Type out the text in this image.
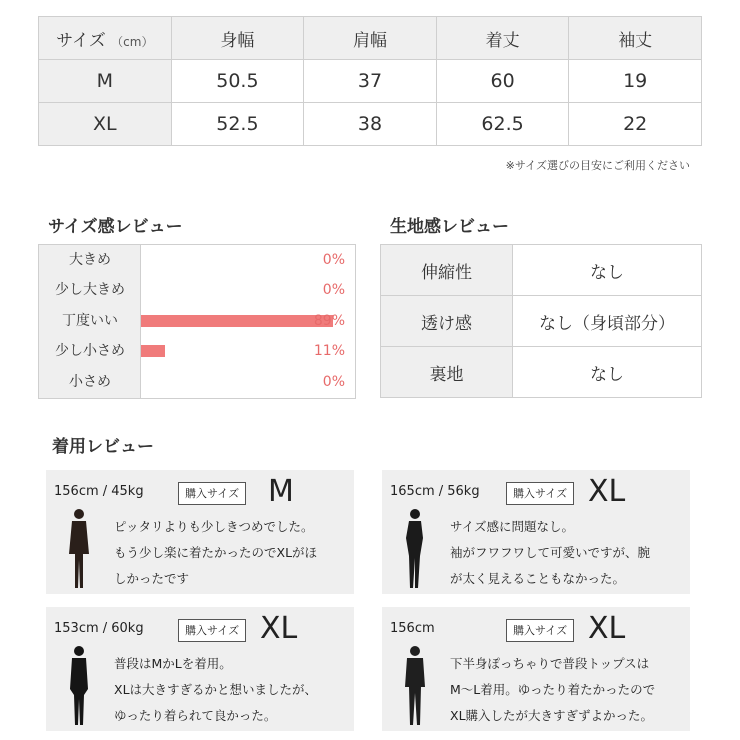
サイズ （cm）	身幅	肩幅	着丈	袖丈
M	50.5	37	60	19
XL	52.5	38	62.5	22
※サイズ選びの目安にご利用ください
サイズ感レビュー
大きめ	0%
少し大きめ	0%
丁度いい	89%
少し小さめ	11%
小さめ	0%
生地感レビュー
伸縮性	なし
透け感	なし（身頃部分）
裏地	なし
着用レビュー
156cm / 45kg	購入サイズ M
ピッタリよりも少しきつめでした。
もう少し楽に着たかったのでXLがほ
しかったです
165cm / 56kg	購入サイズ XL
サイズ感に問題なし。
袖がフワフワして可愛いですが、腕
が太く見えることもなかった。
153cm / 60kg	購入サイズ XL
普段はMかLを着用。
XLは大きすぎるかと想いましたが、
ゆったり着られて良かった。
156cm	購入サイズ XL
下半身ぽっちゃりで普段トップスは
M〜L着用。ゆったり着たかったので
XL購入したが大きすぎずよかった。
